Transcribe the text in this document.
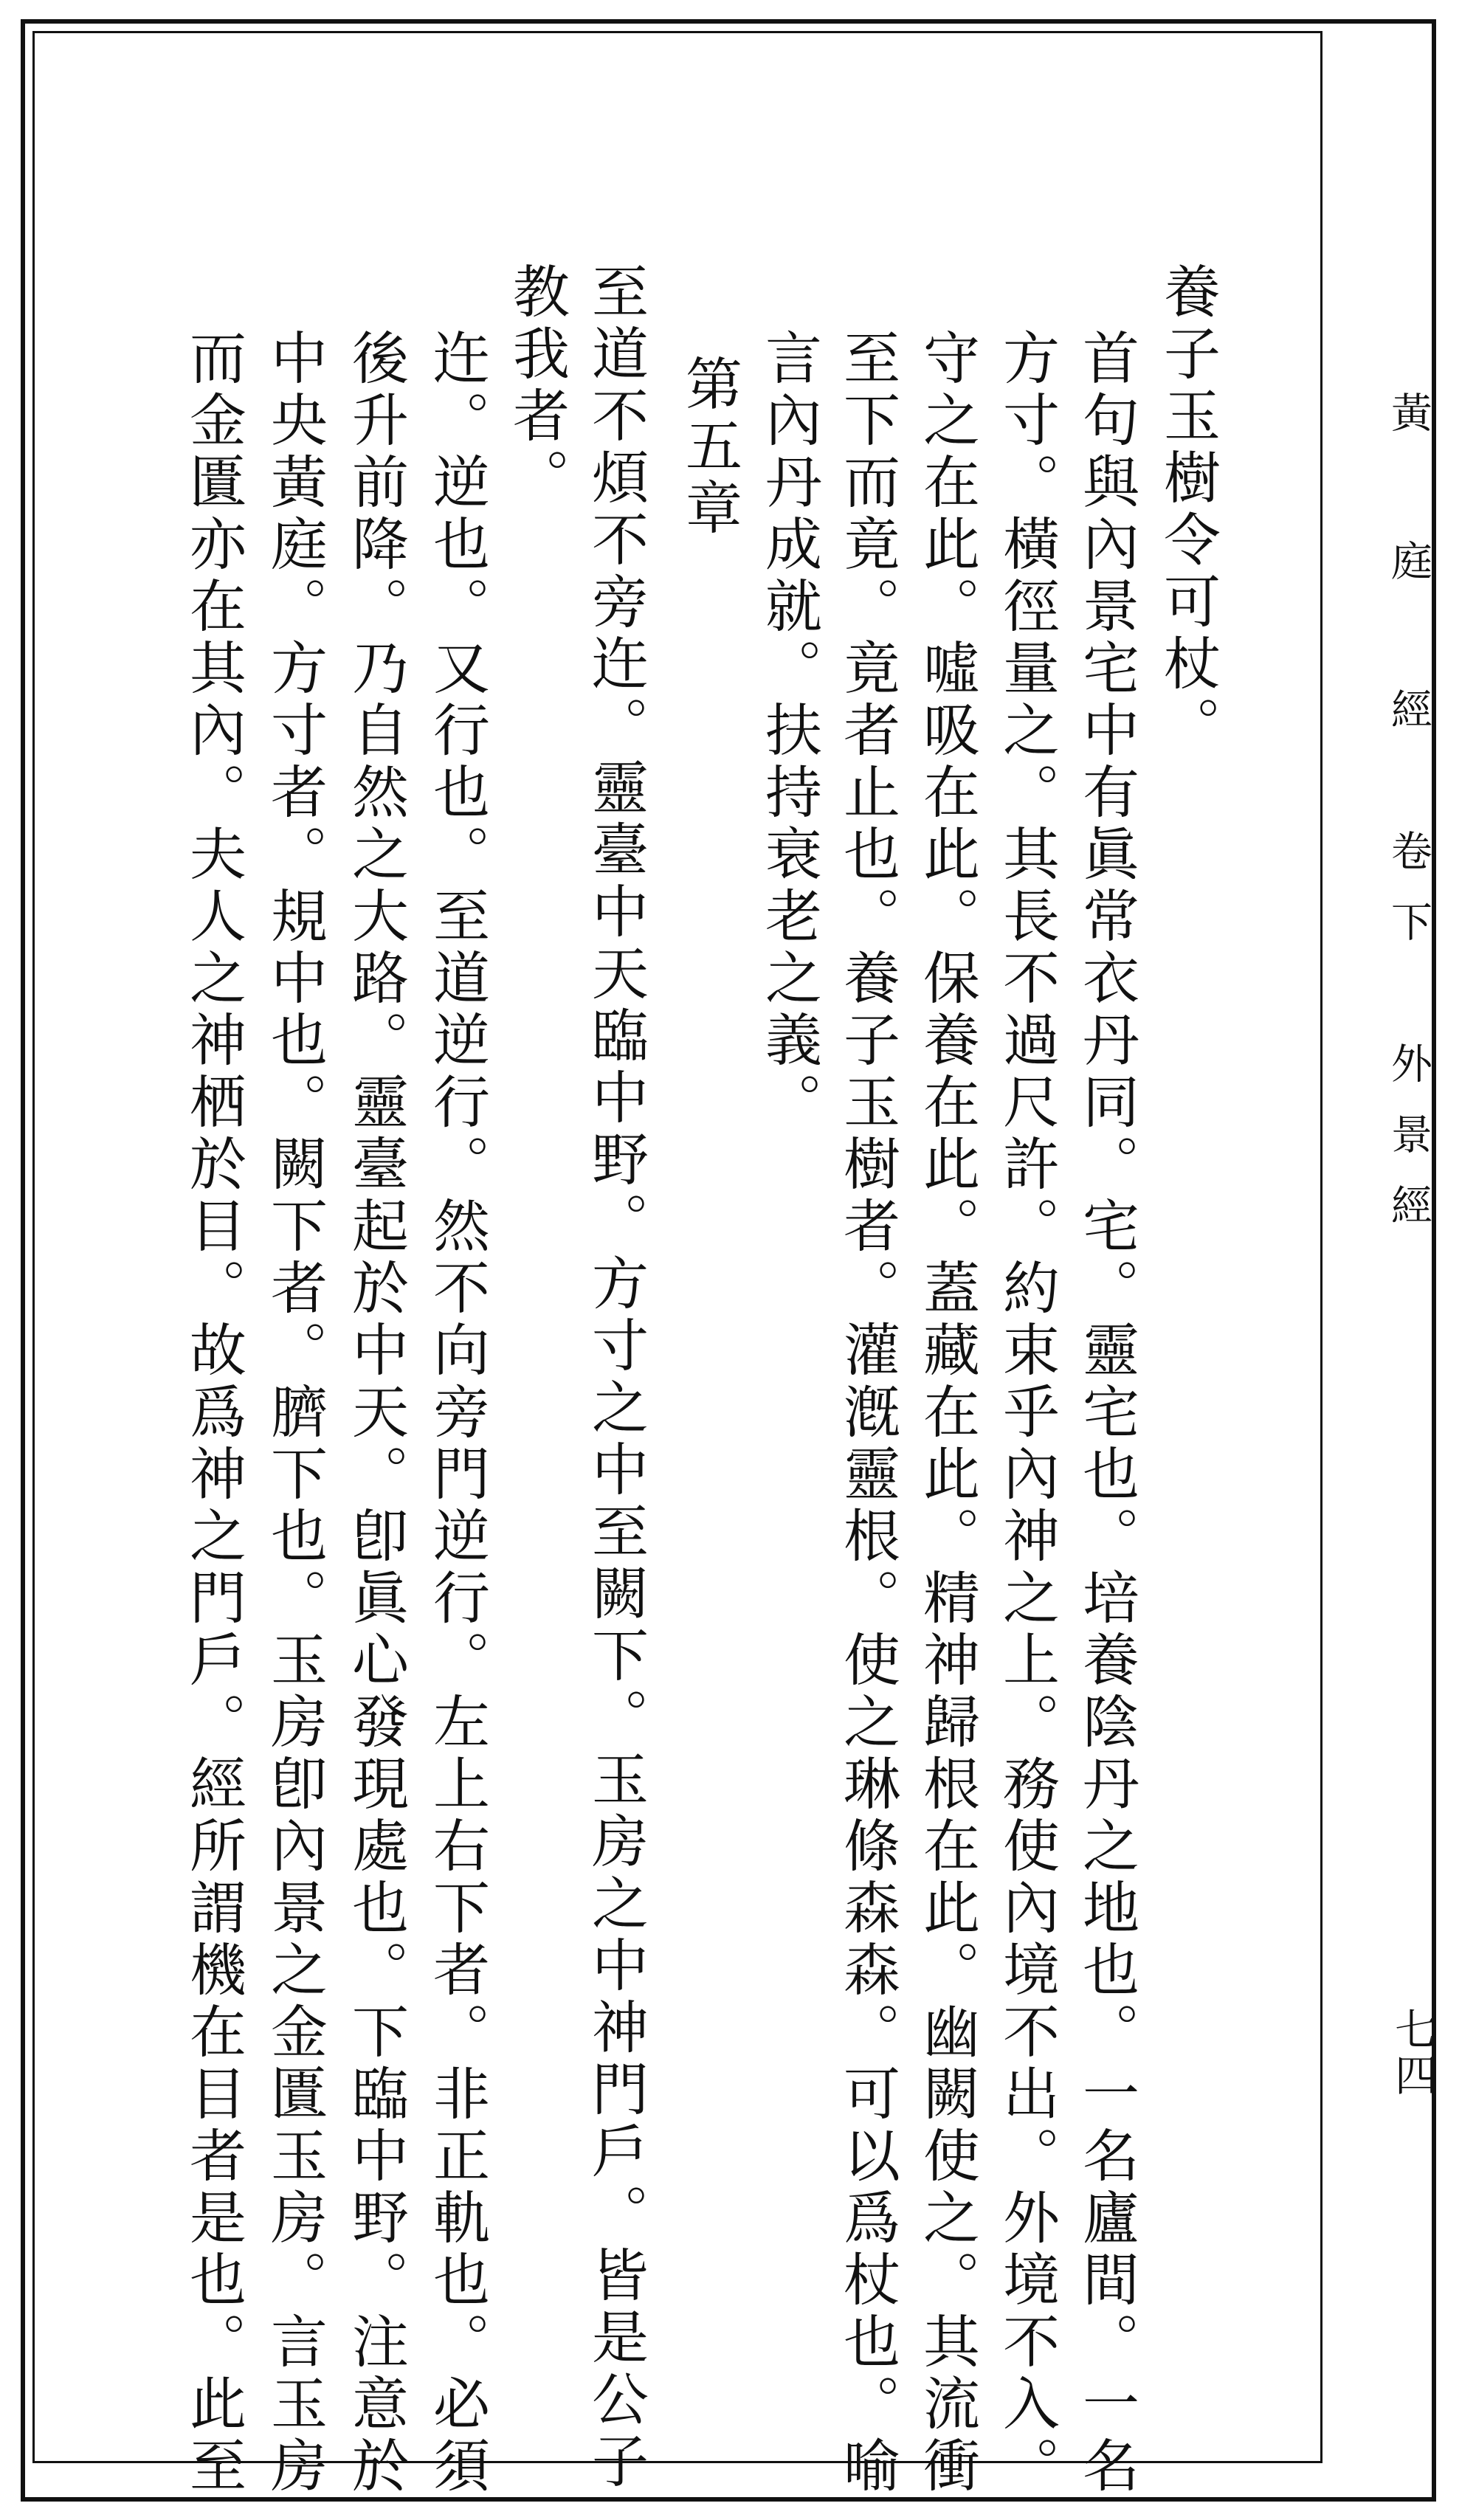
黃 庭 經　卷下　外景經
七四
養子玉樹令可杖。
首句與內景宅中有眞常衣丹同。宅。靈宅也。培養陰丹之地也。一名廬間。一名
方寸。橫徑量之。其長不過尺許。約束乎內神之上。務使內境不出。外境不入。
守之在此。噓吸在此。保養在此。蓋藏在此。精神歸根在此。幽闕使之。其流衝
至下而竟。竟者止也。養子玉樹者。灌漑靈根。使之琳條森森。可以爲杖也。喻
言內丹成就。扶持衰老之義。
第五章
至道不煩不旁迕。靈臺中天臨中野。方寸之中至闕下。玉房之中神門戶。皆是公子
教我者。
迕。逆也。又行也。至道逆行。然不向旁門逆行。左上右下者。非正軌也。必須
後升前降。乃自然之大路。靈臺起於中天。卽眞心發現處也。下臨中野。注意於
中央黃庭。方寸者。規中也。闕下者。臍下也。玉房卽內景之金匱玉房。言玉房
而金匱亦在其內。夫人之神栖於目。故爲神之門戶。經所謂機在目者是也。此至
